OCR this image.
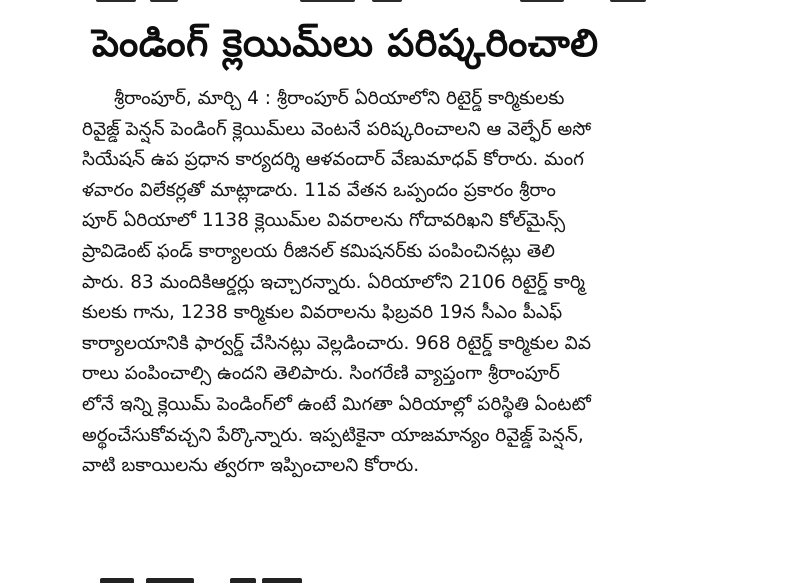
పెండింగ్ క్లెయిమ్‌లు పరిష్కరించాలి
శ్రీరాంపూర్, మార్చి 4 : శ్రీరాంపూర్ ఏరియాలోని రిటైర్డ్ కార్మికులకు
రివైజ్డ్ పెన్షన్ పెండింగ్ క్లెయిమ్‌లు వెంటనే పరిష్కరించాలని ఆ వెల్ఫేర్ అసో
సియేషన్ ఉప ప్రధాన కార్యదర్శి ఆళవందార్ వేణుమాధవ్ కోరారు. మంగ
ళవారం విలేకర్లతో మాట్లాడారు. 11వ వేతన ఒప్పందం ప్రకారం శ్రీరాం
పూర్ ఏరియాలో 1138 క్లెయిమ్‌ల వివరాలను గోదావరిఖని కోల్‌మైన్స్
ప్రావిడెంట్ ఫండ్ కార్యాలయ రీజినల్ కమిషనర్‌కు పంపించినట్లు తెలి
పారు. 83 మందికిఆర్డర్లు ఇచ్చారన్నారు. ఏరియాలోని 2106 రిటైర్డ్ కార్మి
కులకు గాను, 1238 కార్మికుల వివరాలను ఫిబ్రవరి 19న సీఎం పీఎఫ్
కార్యాలయానికి ఫార్వర్డ్ చేసినట్లు వెల్లడించారు. 968 రిటైర్డ్ కార్మికుల వివ
రాలు పంపించాల్సి ఉందని తెలిపారు. సింగరేణి వ్యాప్తంగా శ్రీరాంపూర్
లోనే ఇన్ని క్లెయిమ్ పెండింగ్‌లో ఉంటే మిగతా ఏరియాల్లో పరిస్థితి ఏంటటో
అర్థంచేసుకోవచ్చని పేర్కొన్నారు. ఇప్పటికైనా యాజమాన్యం రివైజ్డ్ పెన్షన్,
వాటి బకాయిలను త్వరగా ఇప్పించాలని కోరారు.
